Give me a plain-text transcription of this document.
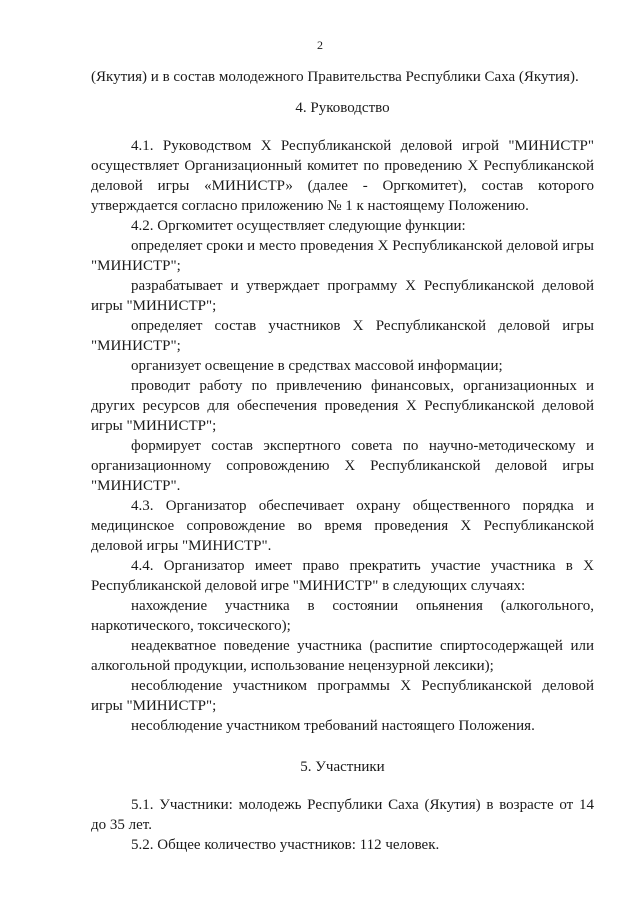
2

(Якутия) и в состав молодежного Правительства Республики Саха (Якутия).

4. Руководство

4.1. Руководством X Республиканской деловой игрой "МИНИСТР" осуществляет Организационный комитет по проведению X Республиканской деловой игры «МИНИСТР» (далее - Оргкомитет), состав которого утверждается согласно приложению № 1 к настоящему Положению.

4.2. Оргкомитет осуществляет следующие функции:

определяет сроки и место проведения X Республиканской деловой игры "МИНИСТР";

разрабатывает и утверждает программу X Республиканской деловой игры "МИНИСТР";

определяет состав участников X Республиканской деловой игры "МИНИСТР";

организует освещение в средствах массовой информации;

проводит работу по привлечению финансовых, организационных и других ресурсов для обеспечения проведения X Республиканской деловой игры "МИНИСТР";

формирует состав экспертного совета по научно-методическому и организационному сопровождению X Республиканской деловой игры "МИНИСТР".

4.3. Организатор обеспечивает охрану общественного порядка и медицинское сопровождение во время проведения X Республиканской деловой игры "МИНИСТР".

4.4. Организатор имеет право прекратить участие участника в X Республиканской деловой игре "МИНИСТР" в следующих случаях:

нахождение участника в состоянии опьянения (алкогольного, наркотического, токсического);

неадекватное поведение участника (распитие спиртосодержащей или алкогольной продукции, использование нецензурной лексики);

несоблюдение участником программы X Республиканской деловой игры "МИНИСТР";

несоблюдение участником требований настоящего Положения.

5. Участники

5.1. Участники: молодежь Республики Саха (Якутия) в возрасте от 14 до 35 лет.

5.2. Общее количество участников: 112 человек.
